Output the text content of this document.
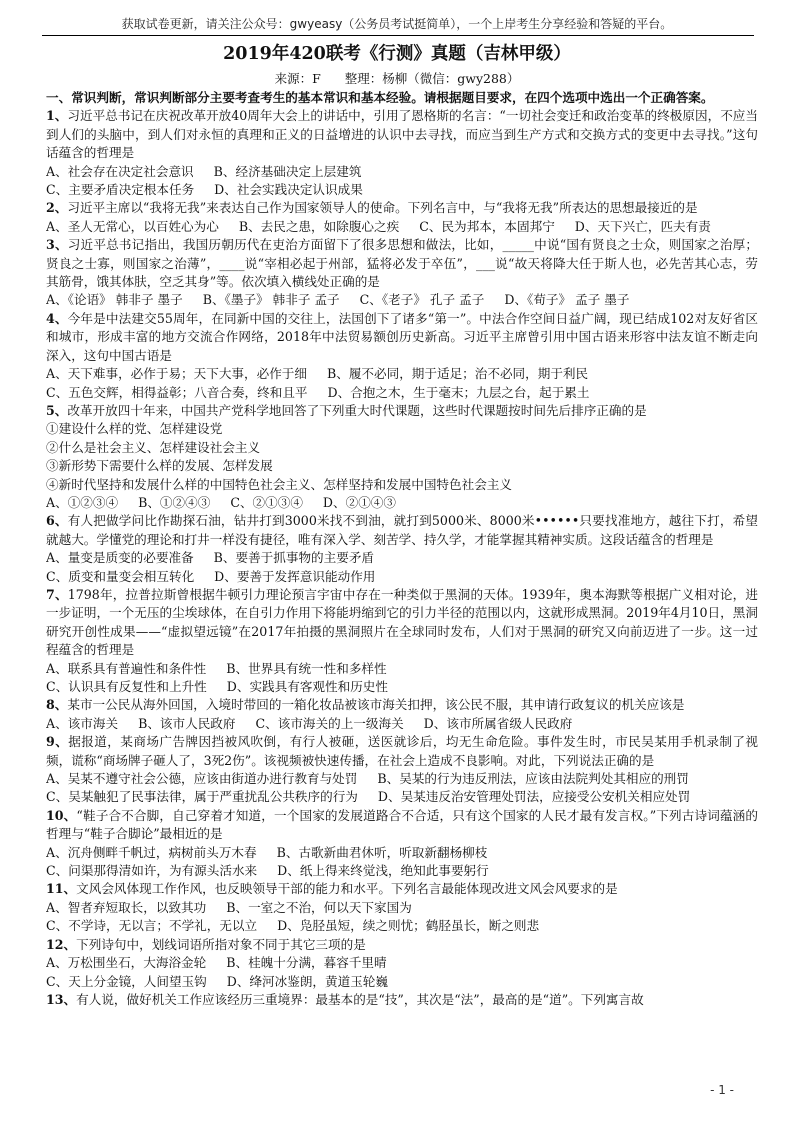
获取试卷更新，请关注公众号：gwyeasy（公务员考试挺简单），一个上岸考生分享经验和答疑的平台。
2019年420联考《行测》真题（吉林甲级）
来源：F 整理：杨柳（微信：gwy288）
一、常识判断，常识判断部分主要考查考生的基本常识和基本经验。请根据题目要求，在四个选项中选出一个正确答案。
1、习近平总书记在庆祝改革开放40周年大会上的讲话中，引用了恩格斯的名言：“一切社会变迁和政治变革的终极原因，不应当到人们的头脑中，到人们对永恒的真理和正义的日益增进的认识中去寻找，而应当到生产方式和交换方式的变更中去寻找。”这句话蕴含的哲理是
A、社会存在决定社会意识 B、经济基础决定上层建筑
C、主要矛盾决定根本任务 D、社会实践决定认识成果
2、习近平主席以“我将无我”来表达自己作为国家领导人的使命。下列名言中，与“我将无我”所表达的思想最接近的是
A、圣人无常心，以百姓心为心 B、去民之患，如除腹心之疾 C、民为邦本，本固邦宁 D、天下兴亡，匹夫有责
3、习近平总书记指出，我国历朝历代在吏治方面留下了很多思想和做法，比如，_____中说“国有贤良之士众，则国家之治厚；贤良之士寡，则国家之治薄”，____说“宰相必起于州部，猛将必发于卒伍”，___说“故天将降大任于斯人也，必先苦其心志，劳其筋骨，饿其体肤，空乏其身”等。依次填入横线处正确的是
A、《论语》 韩非子 墨子 B、《墨子》 韩非子 孟子 C、《老子》 孔子 孟子 D、《荀子》 孟子 墨子
4、今年是中法建交55周年，在同新中国的交往上，法国创下了诸多“第一”。中法合作空间日益广阔，现已结成102对友好省区和城市，形成丰富的地方交流合作网络，2018年中法贸易额创历史新高。习近平主席曾引用中国古语来形容中法友谊不断走向深入，这句中国古语是
A、天下难事，必作于易；天下大事，必作于细 B、履不必同，期于适足；治不必同，期于利民
C、五色交辉，相得益彰；八音合奏，终和且平 D、合抱之木，生于毫末；九层之台，起于累土
5、改革开放四十年来，中国共产党科学地回答了下列重大时代课题，这些时代课题按时间先后排序正确的是
①建设什么样的党、怎样建设党
②什么是社会主义、怎样建设社会主义
③新形势下需要什么样的发展、怎样发展
④新时代坚持和发展什么样的中国特色社会主义、怎样坚持和发展中国特色社会主义
A、①②③④ B、①②④③ C、②①③④ D、②①④③
6、有人把做学问比作勘探石油，钻井打到3000米找不到油，就打到5000米、8000米••••••只要找准地方，越往下打，希望就越大。学懂党的理论和打井一样没有捷径，唯有深入学、刻苦学、持久学，才能掌握其精神实质。这段话蕴含的哲理是
A、量变是质变的必要准备 B、要善于抓事物的主要矛盾
C、质变和量变会相互转化 D、要善于发挥意识能动作用
7、1798年，拉普拉斯曾根据牛顿引力理论预言宇宙中存在一种类似于黑洞的天体。1939年，奥本海默等根据广义相对论，进一步证明，一个无压的尘埃球体，在自引力作用下将能坍缩到它的引力半径的范围以内，这就形成黑洞。2019年4月10日，黑洞研究开创性成果——“虚拟望远镜”在2017年拍摄的黑洞照片在全球同时发布，人们对于黑洞的研究又向前迈进了一步。这一过程蕴含的哲理是
A、联系具有普遍性和条件性 B、世界具有统一性和多样性
C、认识具有反复性和上升性 D、实践具有客观性和历史性
8、某市一公民从海外回国，入境时带回的一箱化妆品被该市海关扣押，该公民不服，其申请行政复议的机关应该是
A、该市海关 B、该市人民政府 C、该市海关的上一级海关 D、该市所属省级人民政府
9、据报道，某商场广告牌因挡被风吹倒，有行人被砸，送医就诊后，均无生命危险。事件发生时，市民吴某用手机录制了视频，谎称“商场牌子砸人了，3死2伤”。该视频被快速传播，在社会上造成不良影响。对此，下列说法正确的是
A、吴某不遵守社会公德，应该由街道办进行教育与处罚 B、吴某的行为违反刑法，应该由法院判处其相应的刑罚
C、吴某触犯了民事法律，属于严重扰乱公共秩序的行为 D、吴某违反治安管理处罚法，应接受公安机关相应处罚
10、“鞋子合不合脚，自己穿着才知道，一个国家的发展道路合不合适，只有这个国家的人民才最有发言权。”下列古诗词蕴涵的哲理与“鞋子合脚论”最相近的是
A、沉舟侧畔千帆过，病树前头万木春 B、古歌新曲君休听，听取新翻杨柳枝
C、问渠那得清如许，为有源头活水来 D、纸上得来终觉浅，绝知此事要躬行
11、文风会风体现工作作风，也反映领导干部的能力和水平。下列名言最能体现改进文风会风要求的是
A、智者弃短取长，以致其功 B、一室之不治，何以天下家国为
C、不学诗，无以言；不学礼，无以立 D、凫胫虽短，续之则忧；鹤胫虽长，断之则悲
12、下列诗句中，划线词语所指对象不同于其它三项的是
A、万松围坐石，大海浴金轮 B、桂魄十分满，暮容千里晴
C、天上分金镜，人间望玉钩 D、绛河冰鉴朗，黄道玉轮巍
13、有人说，做好机关工作应该经历三重境界：最基本的是“技”，其次是“法”，最高的是“道”。下列寓言故
- 1 -
